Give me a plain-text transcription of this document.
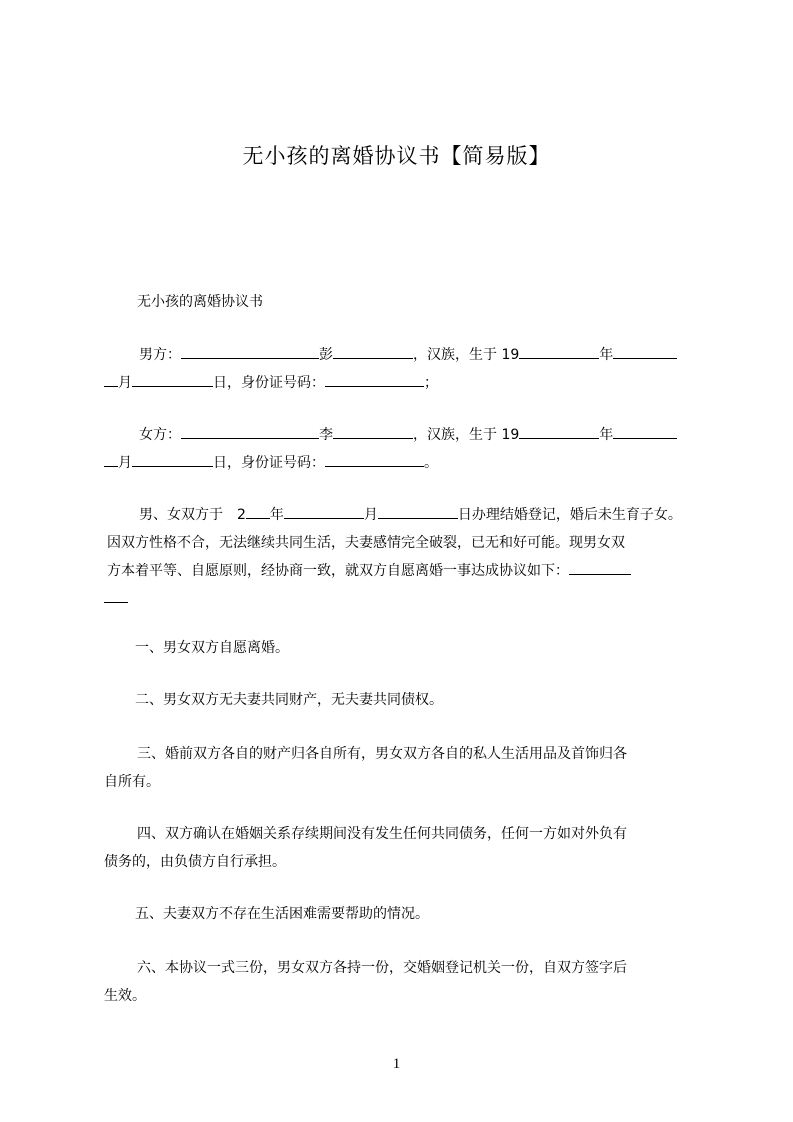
无小孩的离婚协议书【简易版】
无小孩的离婚协议书
男方：	彭	，汉族，生于 19	年
月	日，身份证号码：	；
女方：	李	，汉族，生于 19	年
月	日，身份证号码：	。
男、女双方于　2 年	月	日办理结婚登记，婚后未生育子女。
因双方性格不合，无法继续共同生活，夫妻感情完全破裂，已无和好可能。现男女双
方本着平等、自愿原则，经协商一致，就双方自愿离婚一事达成协议如下：
一、男女双方自愿离婚。
二、男女双方无夫妻共同财产，无夫妻共同债权。
三、婚前双方各自的财产归各自所有，男女双方各自的私人生活用品及首饰归各
自所有。
四、双方确认在婚姻关系存续期间没有发生任何共同债务，任何一方如对外负有
债务的，由负债方自行承担。
五、夫妻双方不存在生活困难需要帮助的情况。
六、本协议一式三份，男女双方各持一份，交婚姻登记机关一份，自双方签字后
生效。
1
